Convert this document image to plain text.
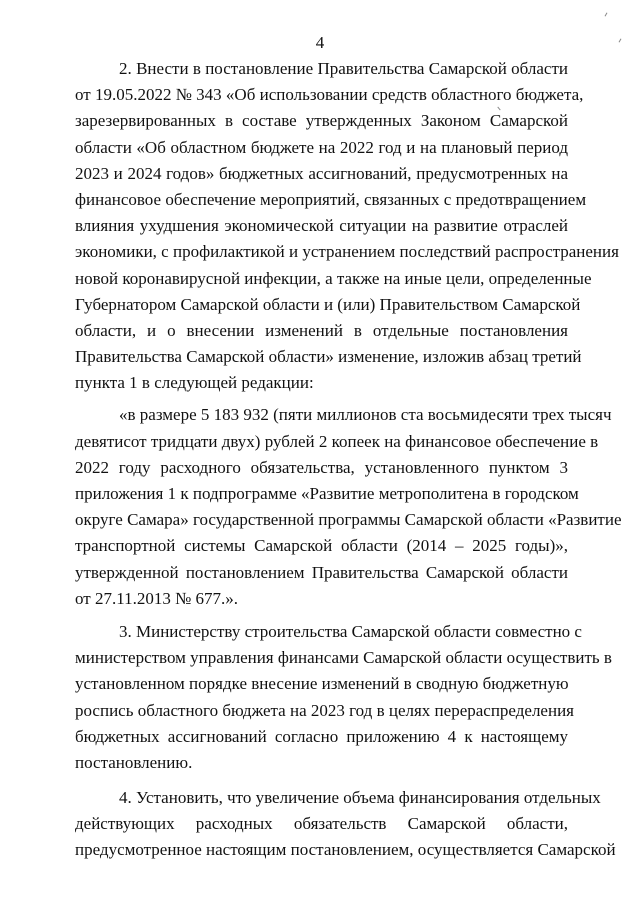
4
2. Внести в постановление Правительства Самарской области
от 19.05.2022 № 343 «Об использовании средств областного бюджета,
зарезервированных в составе утвержденных Законом Самарской
области «Об областном бюджете на 2022 год и на плановый период
2023 и 2024 годов» бюджетных ассигнований, предусмотренных на
финансовое обеспечение мероприятий, связанных с предотвращением
влияния ухудшения экономической ситуации на развитие отраслей
экономики, с профилактикой и устранением последствий распространения
новой коронавирусной инфекции, а также на иные цели, определенные
Губернатором Самарской области и (или) Правительством Самарской
области, и о внесении изменений в отдельные постановления
Правительства Самарской области» изменение, изложив абзац третий
пункта 1 в следующей редакции:
«в размере 5 183 932 (пяти миллионов ста восьмидесяти трех тысяч
девятисот тридцати двух) рублей 2 копеек на финансовое обеспечение в
2022 году расходного обязательства, установленного пунктом 3
приложения 1 к подпрограмме «Развитие метрополитена в городском
округе Самара» государственной программы Самарской области «Развитие
транспортной системы Самарской области (2014 – 2025 годы)»,
утвержденной постановлением Правительства Самарской области
от 27.11.2013 № 677.».
3. Министерству строительства Самарской области совместно с
министерством управления финансами Самарской области осуществить в
установленном порядке внесение изменений в сводную бюджетную
роспись областного бюджета на 2023 год в целях перераспределения
бюджетных ассигнований согласно приложению 4 к настоящему
постановлению.
4. Установить, что увеличение объема финансирования отдельных
действующих расходных обязательств Самарской области,
предусмотренное настоящим постановлением, осуществляется Самарской
